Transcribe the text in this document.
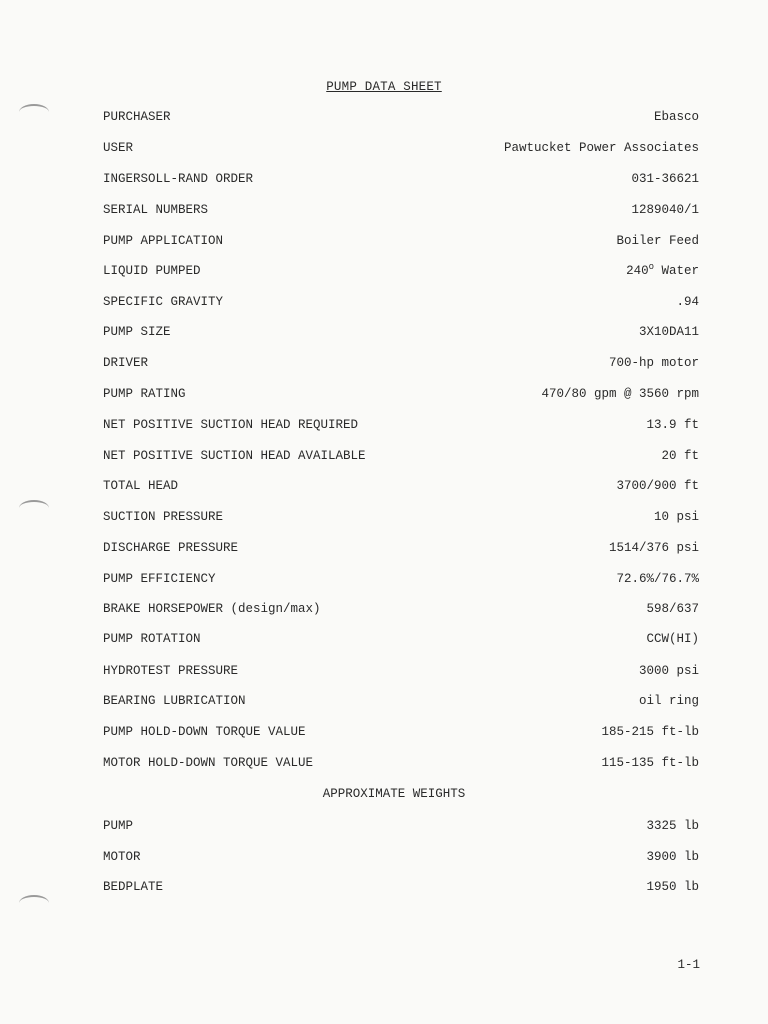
PUMP DATA SHEET
PURCHASER	Ebasco
USER	Pawtucket Power Associates
INGERSOLL-RAND ORDER	031-36621
SERIAL NUMBERS	1289040/1
PUMP APPLICATION	Boiler Feed
LIQUID PUMPED	240$^o$ Water
SPECIFIC GRAVITY	.94
PUMP SIZE	3X10DA11
DRIVER	700-hp motor
PUMP RATING	470/80 gpm @ 3560 rpm
NET POSITIVE SUCTION HEAD REQUIRED	13.9 ft
NET POSITIVE SUCTION HEAD AVAILABLE	20 ft
TOTAL HEAD	3700/900 ft
SUCTION PRESSURE	10 psi
DISCHARGE PRESSURE	1514/376 psi
PUMP EFFICIENCY	72.6%/76.7%
BRAKE HORSEPOWER (design/max)	598/637
PUMP ROTATION	CCW(HI)
HYDROTEST PRESSURE	3000 psi
BEARING LUBRICATION	oil ring
PUMP HOLD-DOWN TORQUE VALUE	185-215 ft-lb
MOTOR HOLD-DOWN TORQUE VALUE	115-135 ft-lb
APPROXIMATE WEIGHTS
PUMP	3325 lb
MOTOR	3900 lb
BEDPLATE	1950 lb
1-1
